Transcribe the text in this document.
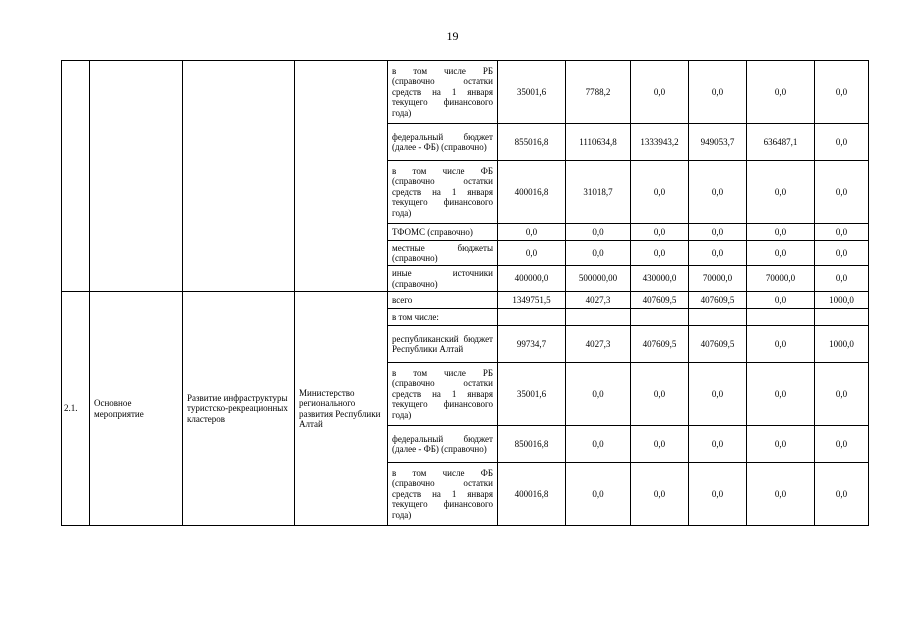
19
				в том числе РБ (справочно остатки средств на 1 января текущего финансового года)	35001,6	7788,2	0,0	0,0	0,0	0,0
				федеральный бюджет (далее - ФБ) (справочно)	855016,8	1110634,8	1333943,2	949053,7	636487,1	0,0
				в том числе ФБ (справочно остатки средств на 1 января текущего финансового года)	400016,8	31018,7	0,0	0,0	0,0	0,0
				ТФОМС (справочно)	0,0	0,0	0,0	0,0	0,0	0,0
				местные бюджеты (справочно)	0,0	0,0	0,0	0,0	0,0	0,0
				иные источники (справочно)	400000,0	500000,00	430000,0	70000,0	70000,0	0,0
2.1.	Основное мероприятие	Развитие инфраструктуры туристско-рекреационных кластеров	Министерство регионального развития Республики Алтай	всего	1349751,5	4027,3	407609,5	407609,5	0,0	1000,0
				в том числе:						
				республиканский бюджет Республики Алтай	99734,7	4027,3	407609,5	407609,5	0,0	1000,0
				в том числе РБ (справочно остатки средств на 1 января текущего финансового года)	35001,6	0,0	0,0	0,0	0,0	0,0
				федеральный бюджет (далее - ФБ) (справочно)	850016,8	0,0	0,0	0,0	0,0	0,0
				в том числе ФБ (справочно остатки средств на 1 января текущего финансового года)	400016,8	0,0	0,0	0,0	0,0	0,0
